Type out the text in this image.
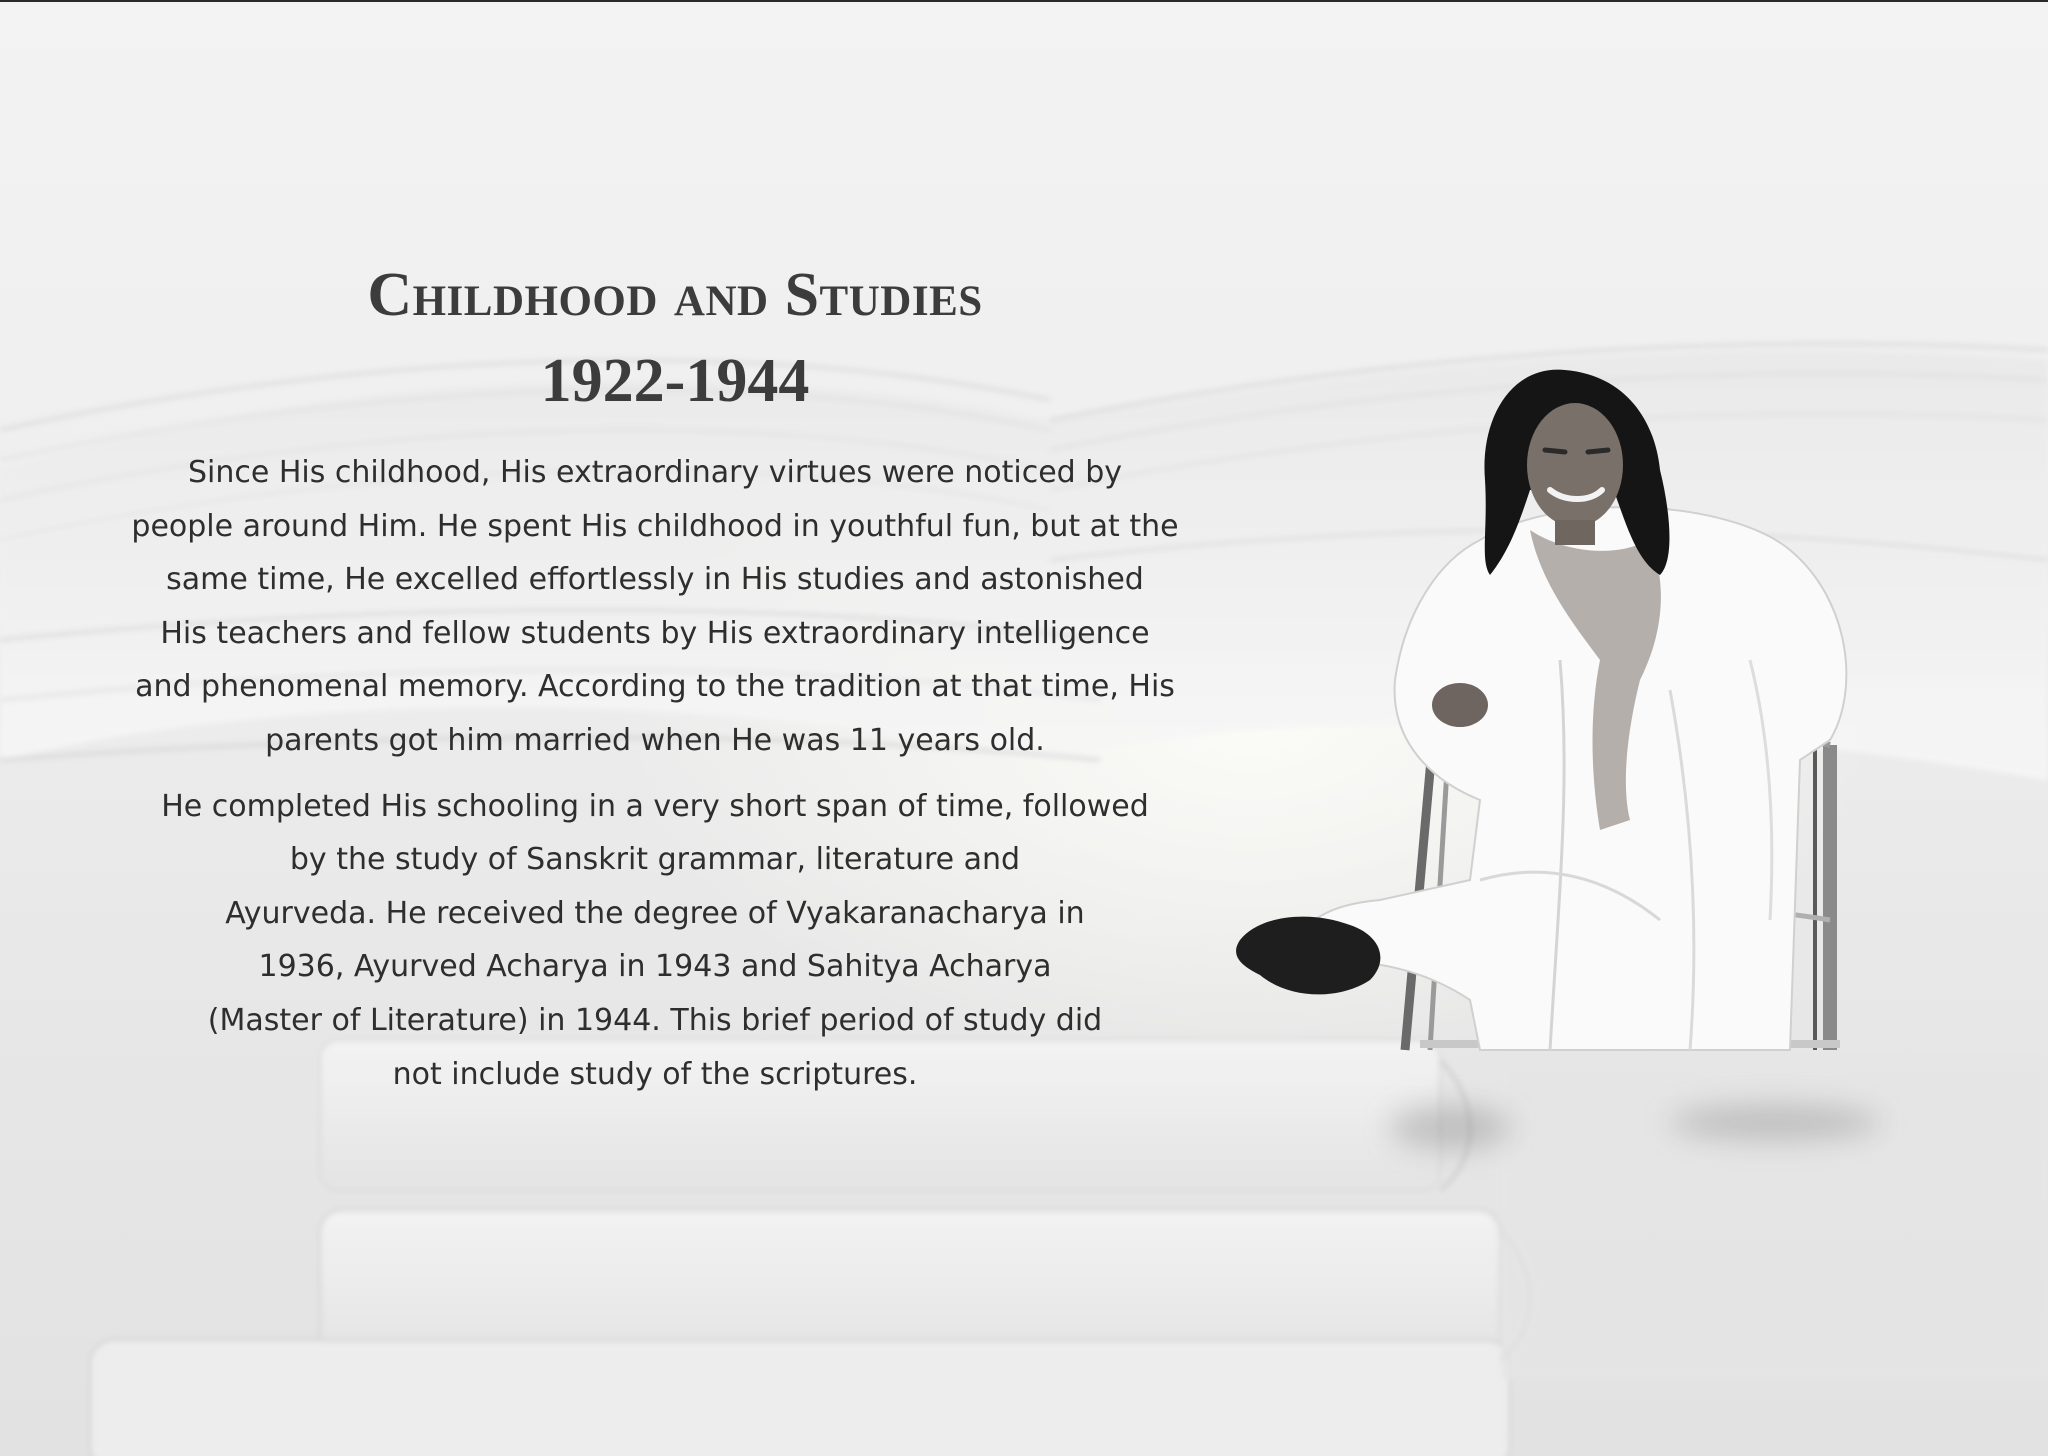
Childhood and Studies
1922-1944

Since His childhood, His extraordinary virtues were noticed by
people around Him. He spent His childhood in youthful fun, but at the
same time, He excelled effortlessly in His studies and astonished
His teachers and fellow students by His extraordinary intelligence
and phenomenal memory. According to the tradition at that time, His
parents got him married when He was 11 years old.

He completed His schooling in a very short span of time, followed
by the study of Sanskrit grammar, literature and
Ayurveda. He received the degree of Vyakaranacharya in
1936, Ayurved Acharya in 1943 and Sahitya Acharya
(Master of Literature) in 1944. This brief period of study did
not include study of the scriptures.
